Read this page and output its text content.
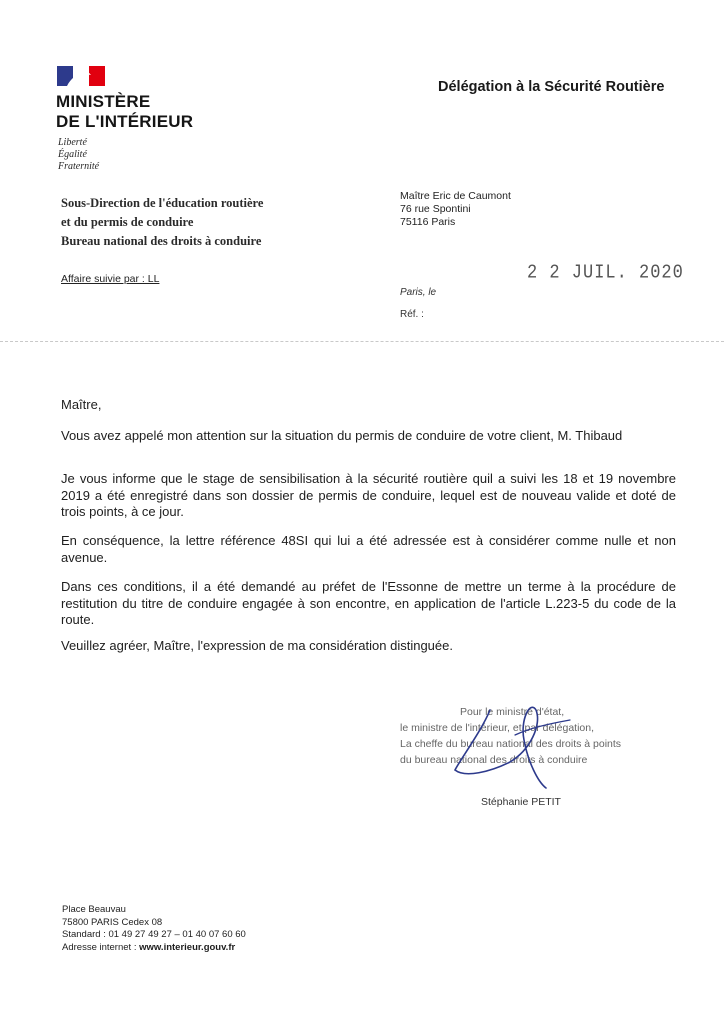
MINISTÈRE
DE L'INTÉRIEUR
Liberté
Égalité
Fraternité
Délégation à la Sécurité Routière
Sous-Direction de l'éducation routière
et du permis de conduire
Bureau national des droits à conduire
Affaire suivie par : LL
Maître Eric de Caumont
76 rue Spontini
75116 Paris
2 2 JUIL. 2020
Paris, le
Réf. :
Maître,
Vous avez appelé mon attention sur la situation du permis de conduire de votre client, M. Thibaud
Je vous informe que le stage de sensibilisation à la sécurité routière quil a suivi les 18 et 19 novembre 2019 a été enregistré dans son dossier de permis de conduire, lequel est de nouveau valide et doté de trois points, à ce jour.
En conséquence, la lettre référence 48SI qui lui a été adressée est à considérer comme nulle et non avenue.
Dans ces conditions, il a été demandé au préfet de l'Essonne de mettre un terme à la procédure de restitution du titre de conduire engagée à son encontre, en application de l'article L.223-5 du code de la route.
Veuillez agréer, Maître, l'expression de ma considération distinguée.
Pour le ministre d'état,
le ministre de l'intérieur, et par délégation,
La cheffe du bureau national des droits à points
du bureau national des droits à conduire
Stéphanie PETIT
Place Beauvau
75800 PARIS Cedex 08
Standard : 01 49 27 49 27 – 01 40 07 60 60
Adresse internet : www.interieur.gouv.fr
